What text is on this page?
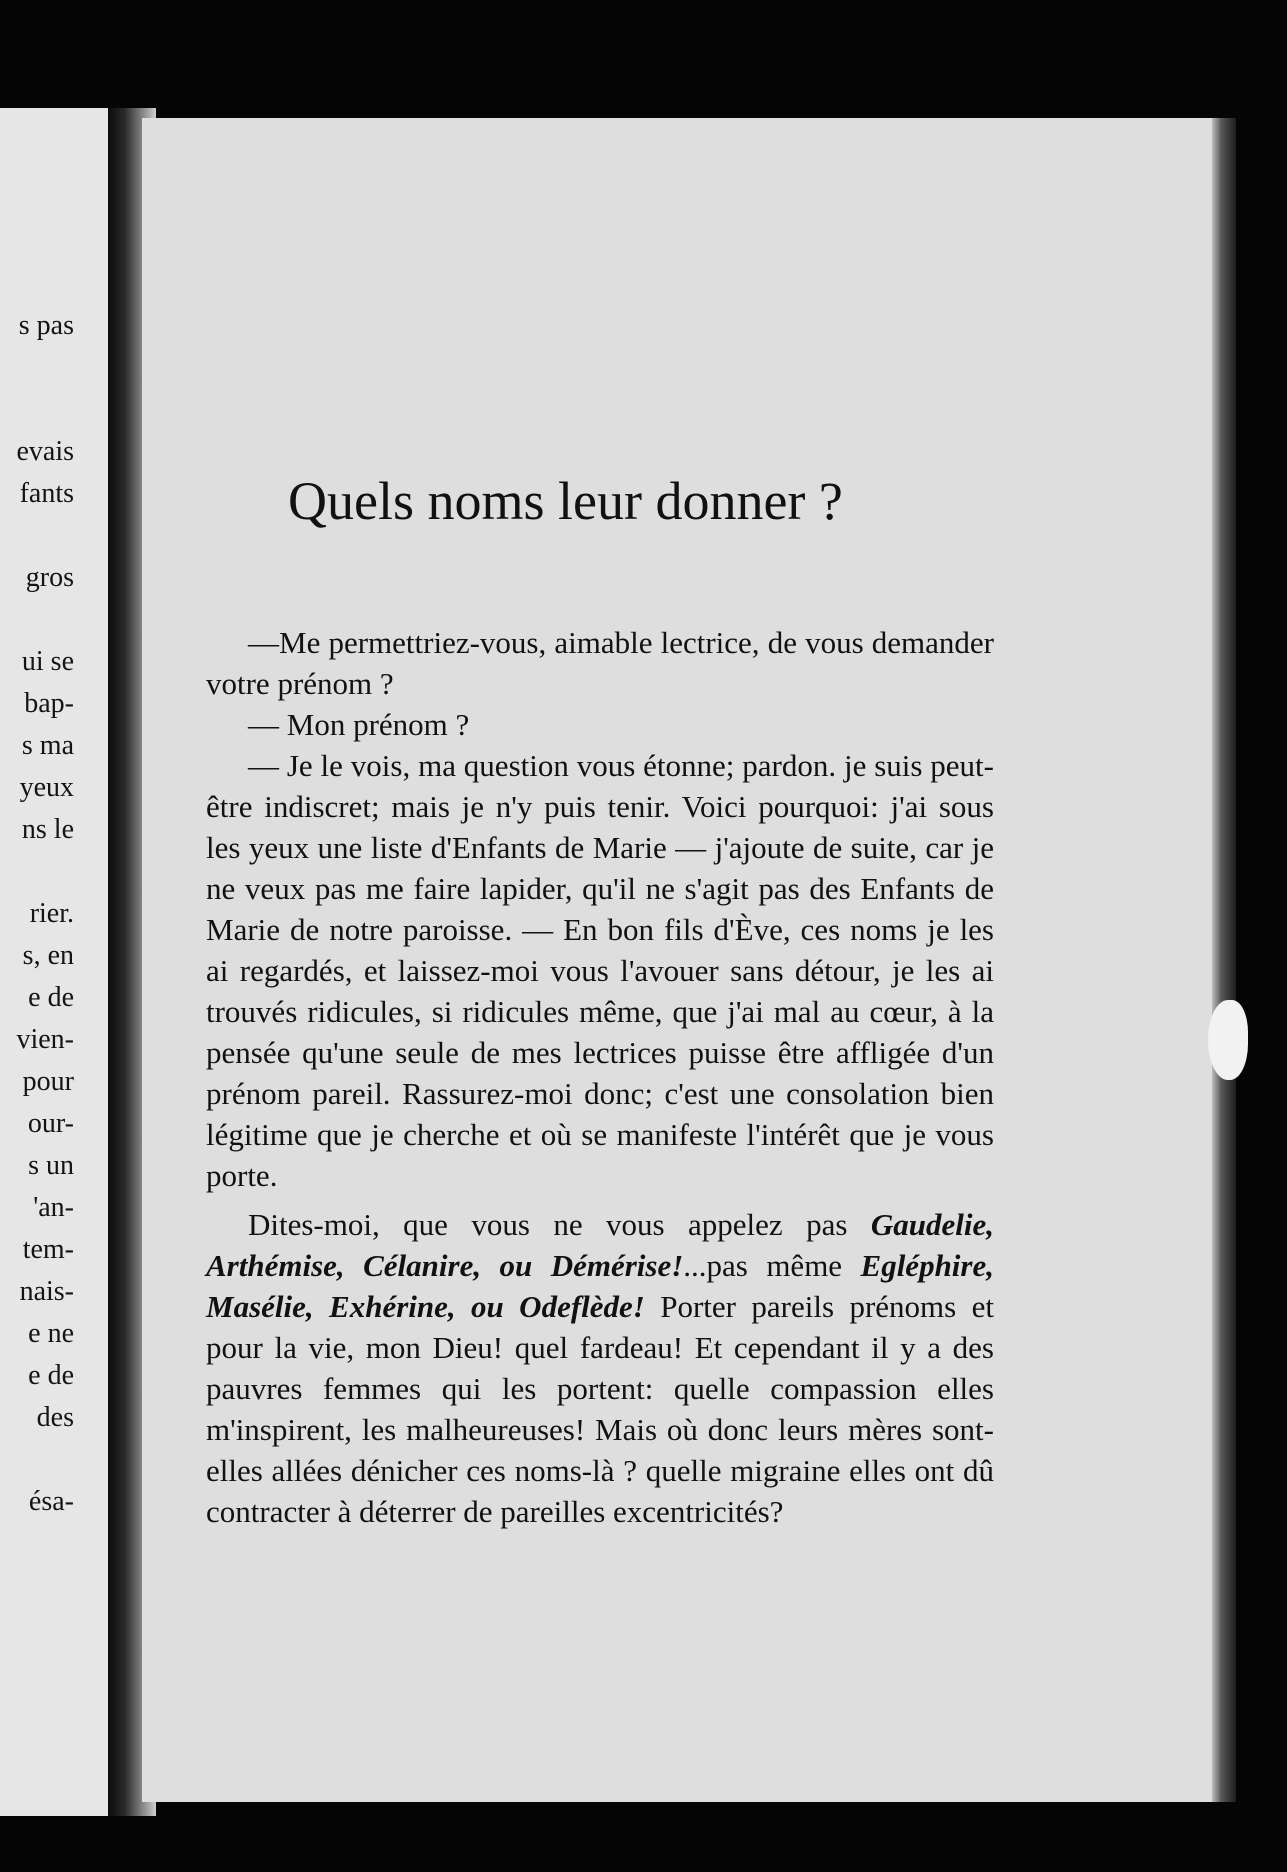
s pas

evais

fants

gros

ui se

bap-

s ma

yeux

ns le

rier.

s, en

e de

vien-

pour

our-

s un

'an-

tem-

nais-

e ne

e de

des

ésa-

Quels noms leur donner ?

—Me permettriez-vous, aimable lectrice, de vous demander votre prénom ?

— Mon prénom ?

— Je le vois, ma question vous étonne; pardon. je suis peut-être indiscret; mais je n'y puis tenir. Voici pourquoi: j'ai sous les yeux une liste d'Enfants de Marie — j'ajoute de suite, car je ne veux pas me faire lapider, qu'il ne s'agit pas des Enfants de Marie de notre paroisse. — En bon fils d'Ève, ces noms je les ai regardés, et laissez-moi vous l'avouer sans détour, je les ai trouvés ridicules, si ridicules même, que j'ai mal au cœur, à la pensée qu'une seule de mes lectrices puisse être affligée d'un prénom pareil. Rassurez-moi donc; c'est une consolation bien légitime que je cherche et où se manifeste l'intérêt que je vous porte.

Dites-moi, que vous ne vous appelez pas Gaudelie, Arthémise, Célanire, ou Démérise!...pas même Egléphire, Masélie, Exhérine, ou Odeflède! Porter pareils prénoms et pour la vie, mon Dieu! quel fardeau! Et cependant il y a des pauvres femmes qui les portent: quelle compassion elles m'inspirent, les malheureuses! Mais où donc leurs mères sont-elles allées dénicher ces noms-là ? quelle migraine elles ont dû contracter à déterrer de pareilles excentricités?
